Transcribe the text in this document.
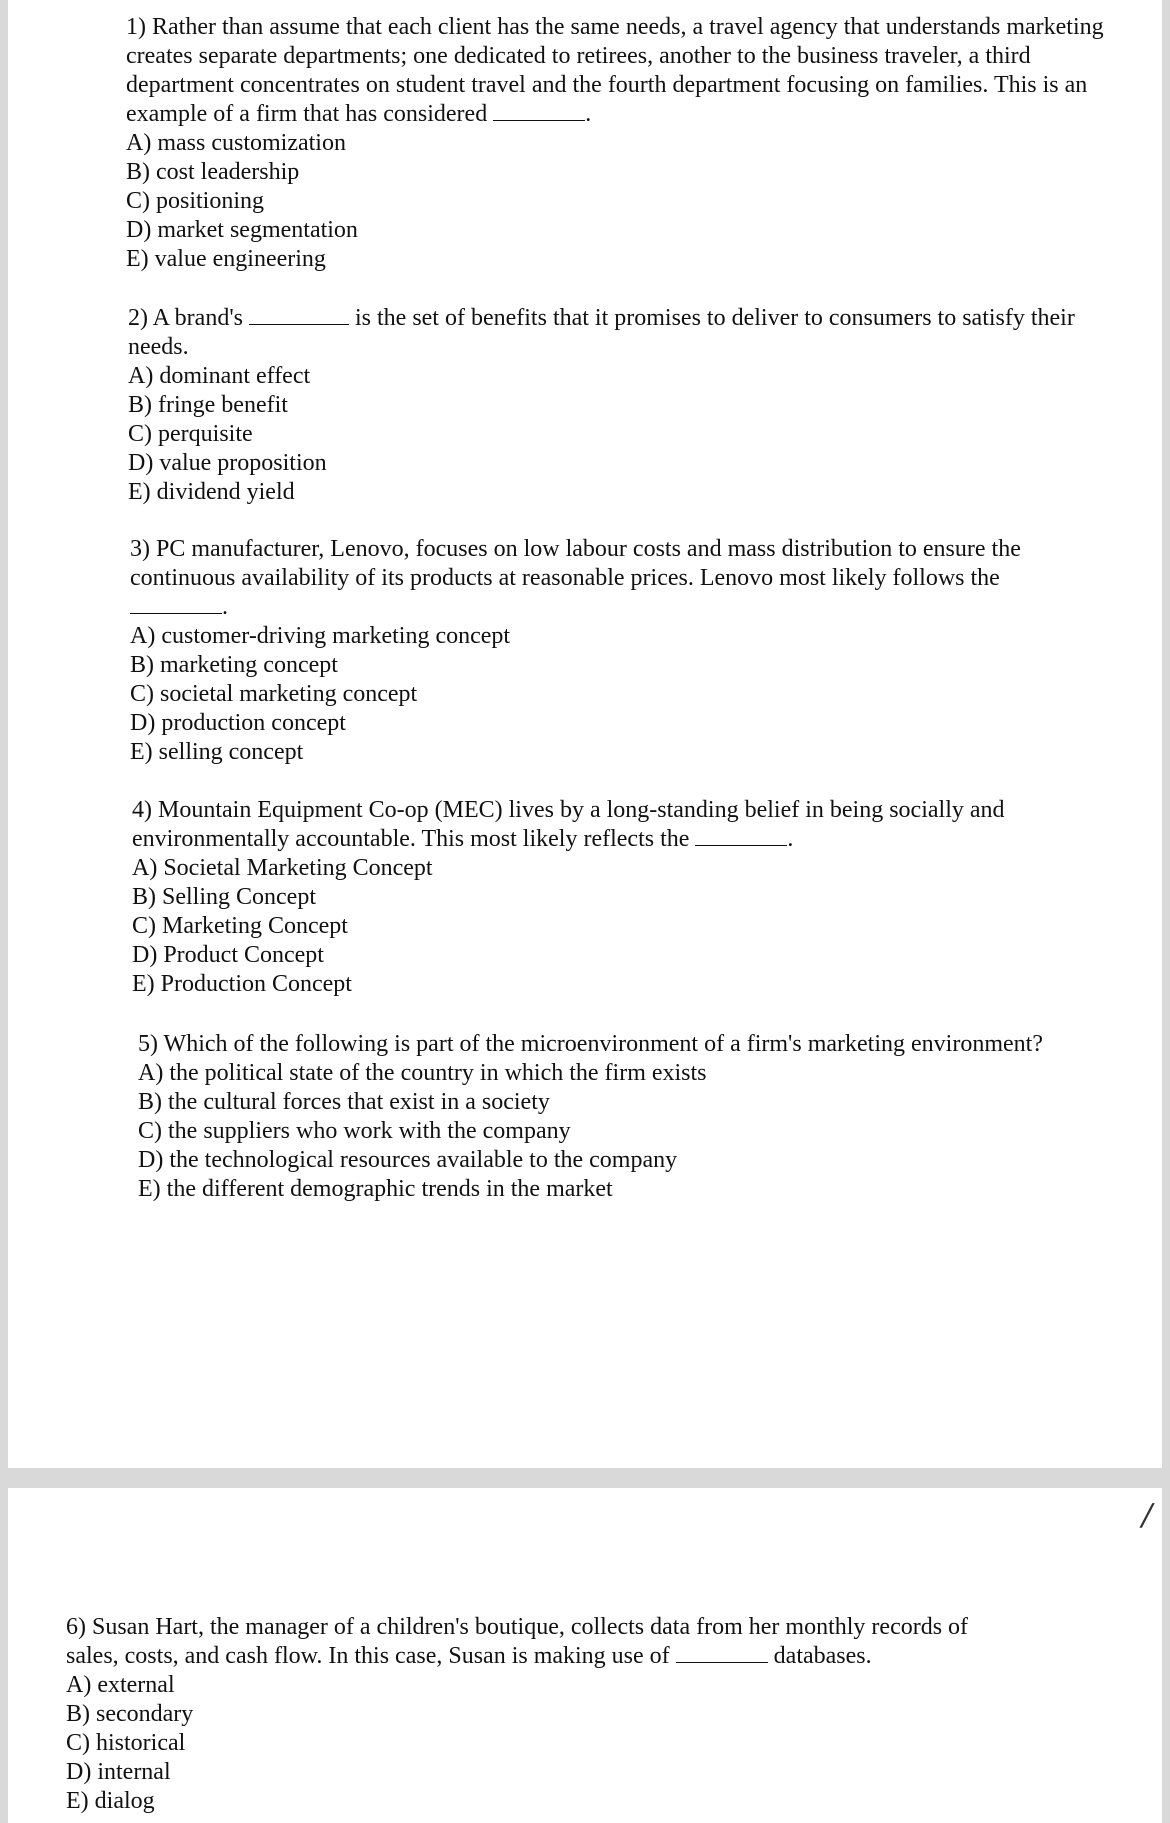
1) Rather than assume that each client has the same needs, a travel agency that understands marketing creates separate departments; one dedicated to retirees, another to the business traveler, a third department concentrates on student travel and the fourth department focusing on families. This is an example of a firm that has considered	.

A) mass customization

B) cost leadership

C) positioning

D) market segmentation

E) value engineering

2) A brand's	is the set of benefits that it promises to deliver to consumers to satisfy their needs.

A) dominant effect

B) fringe benefit

C) perquisite

D) value proposition

E) dividend yield

3) PC manufacturer, Lenovo, focuses on low labour costs and mass distribution to ensure the continuous availability of its products at reasonable prices. Lenovo most likely follows the
.

A) customer-driving marketing concept

B) marketing concept

C) societal marketing concept

D) production concept

E) selling concept

4) Mountain Equipment Co-op (MEC) lives by a long-standing belief in being socially and environmentally accountable. This most likely reflects the	.

A) Societal Marketing Concept

B) Selling Concept

C) Marketing Concept

D) Product Concept

E) Production Concept

5) Which of the following is part of the microenvironment of a firm's marketing environment?

A) the political state of the country in which the firm exists

B) the cultural forces that exist in a society

C) the suppliers who work with the company

D) the technological resources available to the company

E) the different demographic trends in the market

/

6) Susan Hart, the manager of a children's boutique, collects data from her monthly records of sales, costs, and cash flow. In this case, Susan is making use of	databases.

A) external

B) secondary

C) historical

D) internal

E) dialog
